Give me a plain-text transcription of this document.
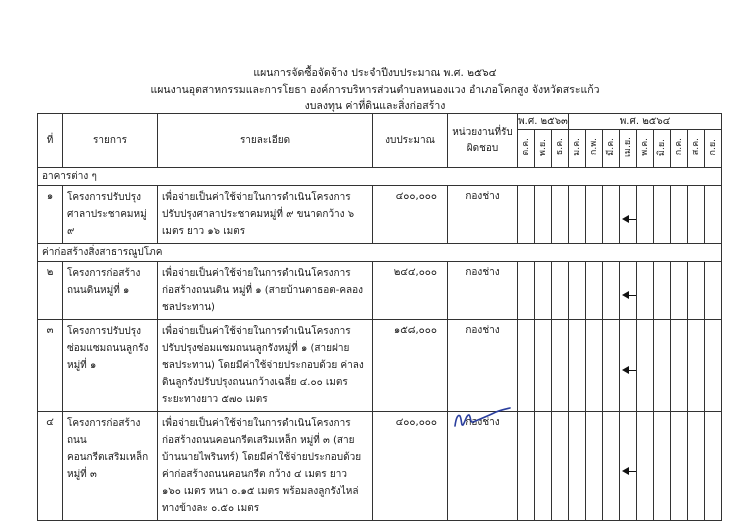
แผนการจัดซื้อจัดจ้าง ประจำปีงบประมาณ พ.ศ. ๒๕๖๔
แผนงานอุตสาหกรรมและการโยธา องค์การบริหารส่วนตำบลหนองแวง อำเภอโคกสูง จังหวัดสระแก้ว
งบลงทุน ค่าที่ดินและสิ่งก่อสร้าง
ที่	รายการ	รายละเอียด	งบประมาณ	หน่วยงานที่รับผิดชอบ	พ.ศ. ๒๕๖๓			พ.ศ. ๒๕๖๔								
					ต.ค.	พ.ย.	ธ.ค.	ม.ค.	ก.พ.	มี.ค.	เม.ย.	พ.ค.	มิ.ย.	ก.ค.	ส.ค.	ก.ย.
อาคารต่าง ๆ																
๑	โครงการปรับปรุงศาลาประชาคมหมู่ ๙	เพื่อจ่ายเป็นค่าใช้จ่ายในการดำเนินโครงการปรับปรุงศาลาประชาคมหมู่ที่ ๙ ขนาดกว้าง ๖ เมตร ยาว ๑๖ เมตร	๔๐๐,๐๐๐	กองช่าง							

ค่าก่อสร้างสิ่งสาธารณูปโภค																
๒	โครงการก่อสร้างถนนดินหมู่ที่ ๑	เพื่อจ่ายเป็นค่าใช้จ่ายในการดำเนินโครงการก่อสร้างถนนดิน หมู่ที่ ๑ (สายบ้านตาธอต-คลองชลประทาน)	๒๔๔,๐๐๐	กองช่าง							

๓	โครงการปรับปรุงซ่อมแซมถนนลูกรังหมู่ที่ ๑	เพื่อจ่ายเป็นค่าใช้จ่ายในการดำเนินโครงการปรับปรุงซ่อมแซมถนนลูกรังหมู่ที่ ๑ (สายฝายชลประทาน) โดยมีค่าใช้จ่ายประกอบด้วย ค่าลงดินลูกรังปรับปรุงถนนกว้างเฉลี่ย ๔.๐๐ เมตร ระยะทางยาว ๕๗๐ เมตร	๑๕๘,๐๐๐	กองช่าง							

๔	โครงการก่อสร้างถนนคอนกรีตเสริมเหล็กหมู่ที่ ๓	เพื่อจ่ายเป็นค่าใช้จ่ายในการดำเนินโครงการก่อสร้างถนนคอนกรีตเสริมเหล็ก หมู่ที่ ๓ (สายบ้านนายไพรินทร์) โดยมีค่าใช้จ่ายประกอบด้วย ค่าก่อสร้างถนนคอนกรีต กว้าง ๔ เมตร ยาว ๑๖๐ เมตร หนา ๐.๑๕ เมตร พร้อมลงลูกรังไหล่ทางข้างละ ๐.๕๐ เมตร	๔๐๐,๐๐๐	กองช่าง							
